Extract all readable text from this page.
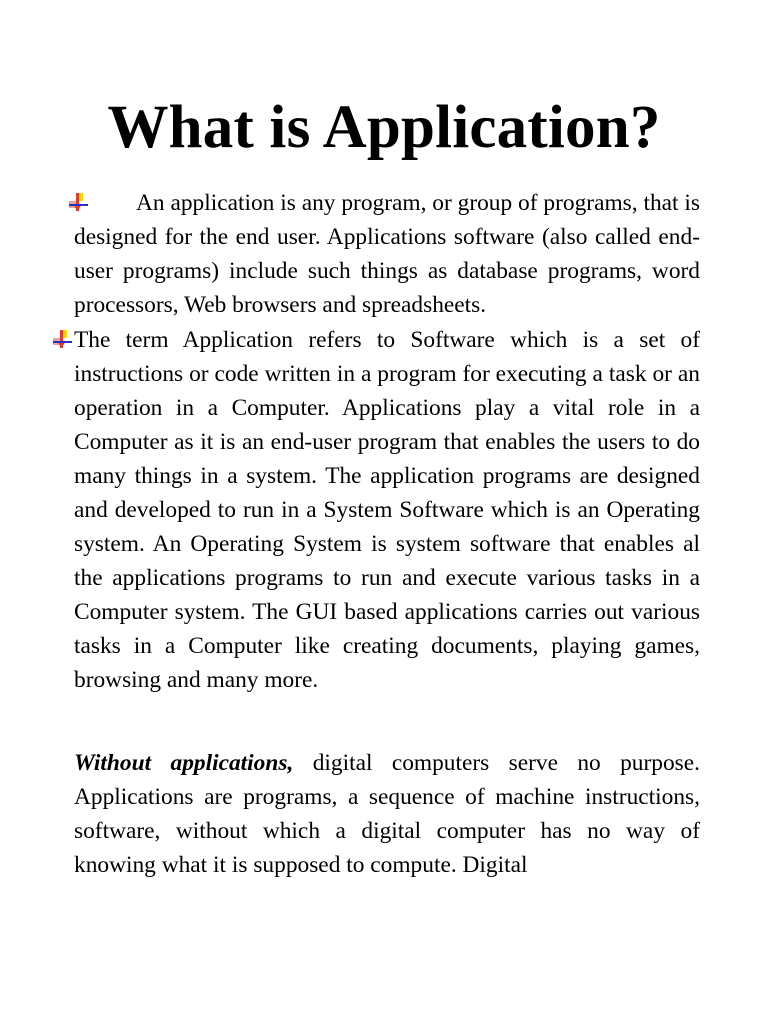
What is Application?

An application is any program, or group of programs, that is designed for the end user. Applications software (also called end-user programs) include such things as database programs, word processors, Web browsers and spreadsheets.

The term Application refers to Software which is a set of instructions or code written in a program for executing a task or an operation in a Computer. Applications play a vital role in a Computer as it is an end-user program that enables the users to do many things in a system. The application programs are designed and developed to run in a System Software which is an Operating system. An Operating System is system software that enables al the applications programs to run and execute various tasks in a Computer system. The GUI based applications carries out various tasks in a Computer like creating documents, playing games, browsing and many more.

Without applications, digital computers serve no purpose. Applications are programs, a sequence of machine instructions, software, without which a digital computer has no way of knowing what it is supposed to compute. Digital
